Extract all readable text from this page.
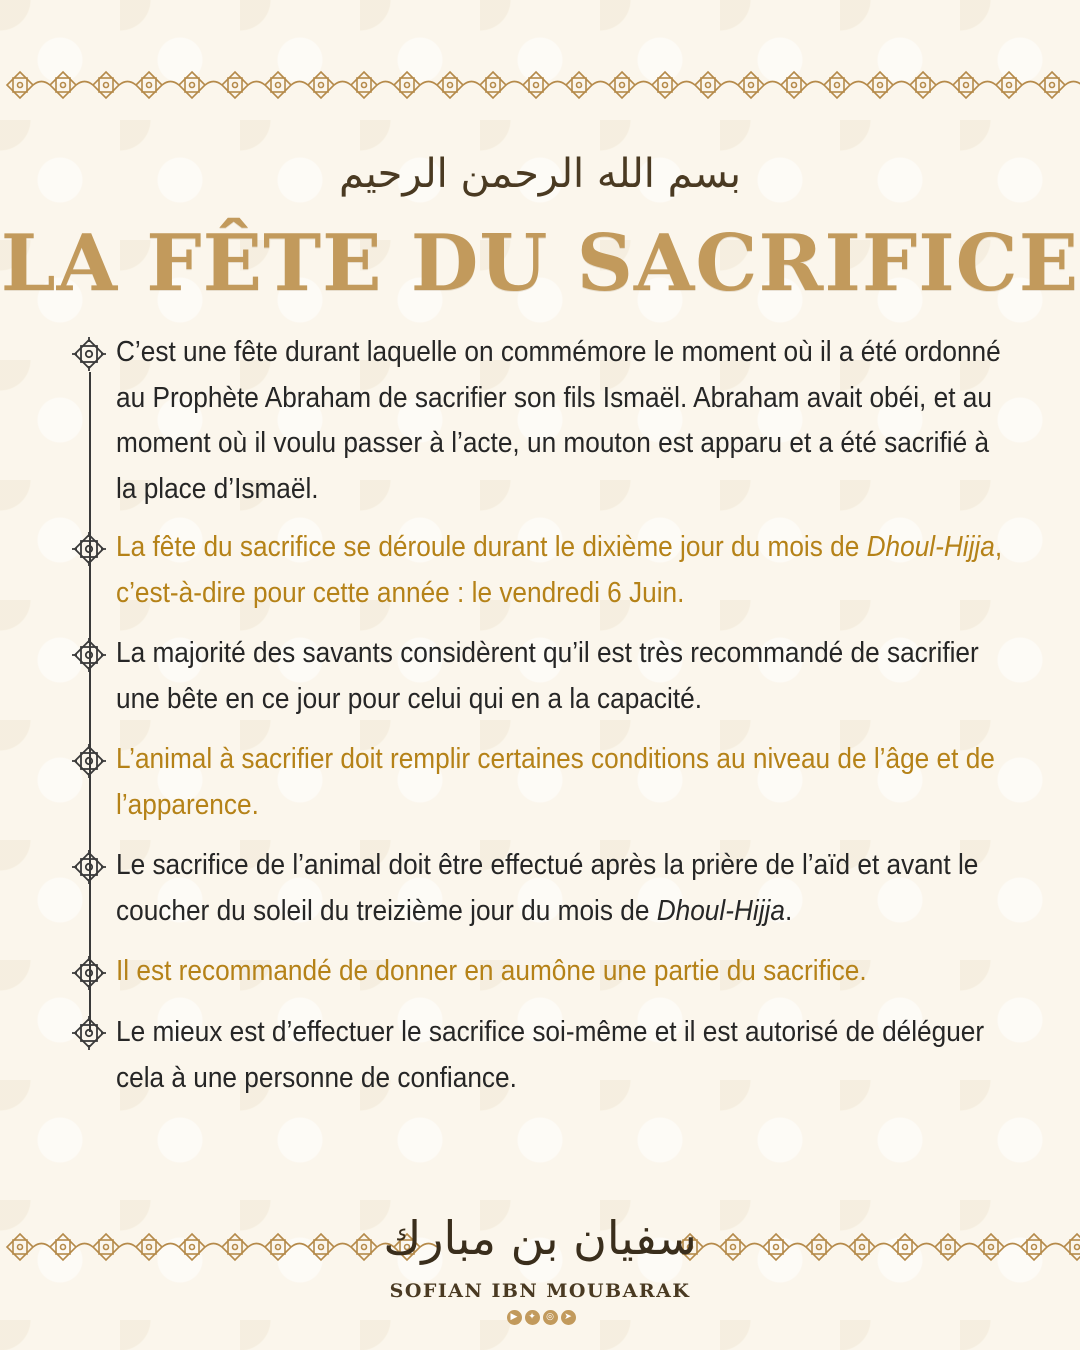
بسم الله الرحمن الرحيم
LA FÊTE DU SACRIFICE
C’est une fête durant laquelle on commémore le moment où il a été ordonné au Prophète Abraham de sacrifier son fils Ismaël. Abraham avait obéi, et au moment où il voulu passer à l’acte, un mouton est apparu et a été sacrifié à la place d’Ismaël.
La fête du sacrifice se déroule durant le dixième jour du mois de Dhoul-Hijja, c’est-à-dire pour cette année : le vendredi 6 Juin.
La majorité des savants considèrent qu’il est très recommandé de sacrifier une bête en ce jour pour celui qui en a la capacité.
L’animal à sacrifier doit remplir certaines conditions au niveau de l’âge et de l’apparence.
Le sacrifice de l’animal doit être effectué après la prière de l’aïd et avant le coucher du soleil du treizième jour du mois de Dhoul-Hijja.
Il est recommandé de donner en aumône une partie du sacrifice.
Le mieux est d’effectuer le sacrifice soi-même et il est autorisé de déléguer cela à une personne de confiance.
سفيان بن مبارك
SOFIAN IBN MOUBARAK
▶	✦	◎	➤
